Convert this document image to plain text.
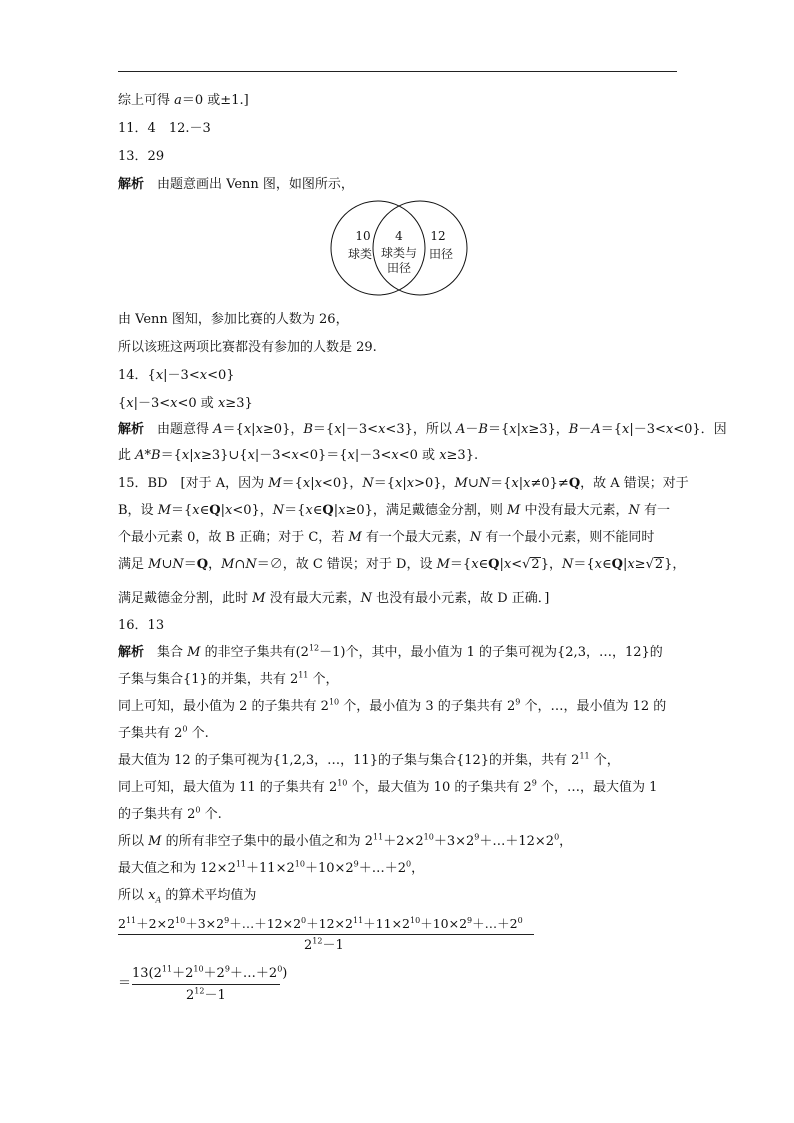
综上可得 a＝0 或±1.]
11．4　12.－3
13．29
解析　由题意画出 Venn 图，如图所示，
10
球类
4
球类与
田径
12
田径
由 Venn 图知，参加比赛的人数为 26，
所以该班这两项比赛都没有参加的人数是 29.
14．{x|－3<x<0}
{x|－3<x<0 或 x≥3}
解析　由题意得 A＝{x|x≥0}，B＝{x|－3<x<3}，所以 A－B＝{x|x≥3}，B－A＝{x|－3<x<0}．因
此 A*B＝{x|x≥3}∪{x|－3<x<0}＝{x|－3<x<0 或 x≥3}.
15．BD　[对于 A，因为 M＝{x|x<0}，N＝{x|x>0}，M∪N＝{x|x≠0}≠Q，故 A 错误；对于
B，设 M＝{x∈Q|x<0}，N＝{x∈Q|x≥0}，满足戴德金分割，则 M 中没有最大元素，N 有一
个最小元素 0，故 B 正确；对于 C，若 M 有一个最大元素，N 有一个最小元素，则不能同时
满足 M∪N＝Q，M∩N＝∅，故 C 错误；对于 D，设 M＝{x∈Q|x<√2}，N＝{x∈Q|x≥√2}，
满足戴德金分割，此时 M 没有最大元素，N 也没有最小元素，故 D 正确．]
16．13
解析　集合 M 的非空子集共有$(2^{12}-1)$个，其中，最小值为 1 的子集可视为{2,3，…，12}的
子集与集合{1}的并集，共有 $2^{11}$ 个，
同上可知，最小值为 2 的子集共有 $2^{10}$ 个，最小值为 3 的子集共有 $2^9$ 个，…，最小值为 12 的
子集共有 $2^0$ 个.
最大值为 12 的子集可视为{1,2,3，…，11}的子集与集合{12}的并集，共有 $2^{11}$ 个，
同上可知，最大值为 11 的子集共有 $2^{10}$ 个，最大值为 10 的子集共有 $2^9$ 个，…，最大值为 1
的子集共有 $2^0$ 个.
所以 M 的所有非空子集中的最小值之和为 $2^{11}+2\times 2^{10}+3\times 2^9+\dots+12\times 2^0$，
最大值之和为 $12\times 2^{11}+11\times 2^{10}+10\times 2^9+\dots+2^0$，
所以 $x_A$ 的算术平均值为
$2^{11}+2\times 2^{10}+3\times 2^9+\dots+12\times 2^0+12\times 2^{11}+11\times 2^{10}+10\times 2^9+\dots+2^0$
$2^{12}-1$
＝
$13(2^{11}+2^{10}+2^9+\dots+2^0)$
$2^{12}-1$
